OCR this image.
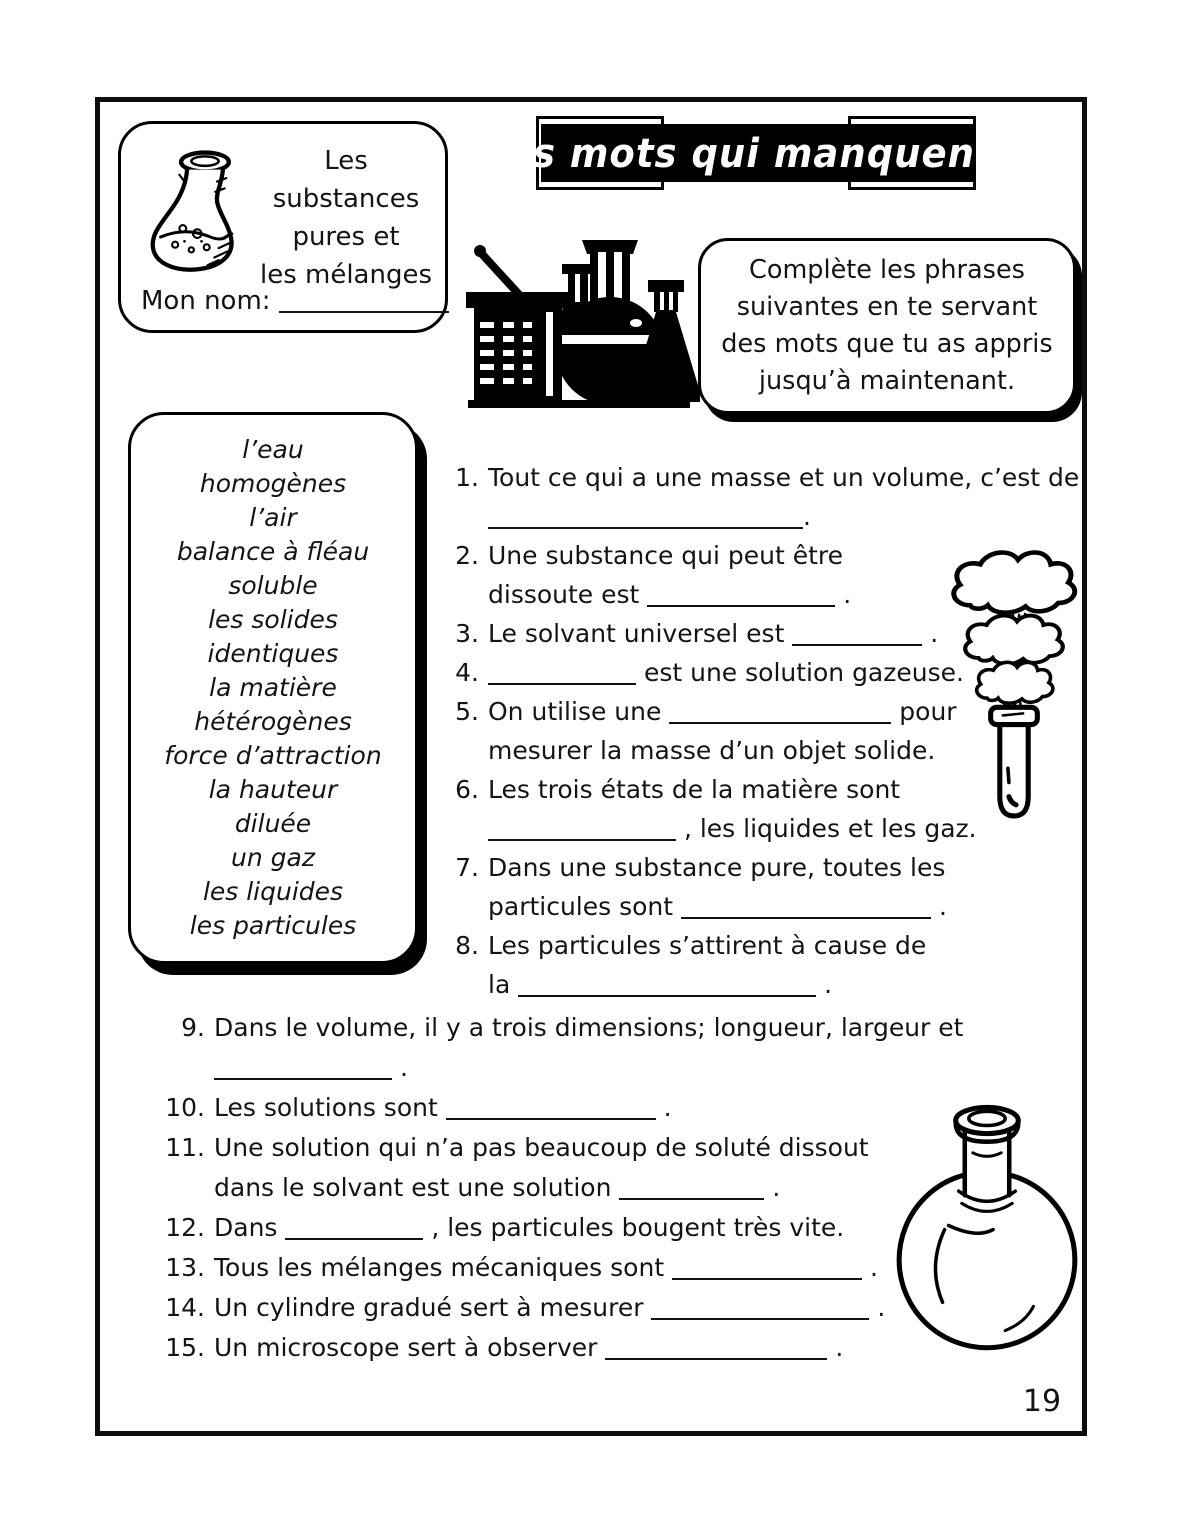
Les
substances
pures et
les mélanges
Mon nom:
Des mots qui manquent...
Complète les phrases suivantes en te servant des mots que tu as appris jusqu’à maintenant.
l’eau
homogènes
l’air
balance à fléau
soluble
les solides
identiques
la matière
hétérogènes
force d’attraction
la hauteur
diluée
un gaz
les liquides
les particules
1. Tout ce qui a une masse et un volume, c’est de
.
2. Une substance qui peut être
dissoute est	.
3. Le solvant universel est	.
4.	est une solution gazeuse.
5. On utilise une	pour
mesurer la masse d’un objet solide.
6. Les trois états de la matière sont
, les liquides et les gaz.
7. Dans une substance pure, toutes les
particules sont	.
8. Les particules s’attirent à cause de
la	.
9. Dans le volume, il y a trois dimensions; longueur, largeur et
.
10. Les solutions sont	.
11. Une solution qui n’a pas beaucoup de soluté dissout
dans le solvant est une solution	.
12. Dans	, les particules bougent très vite.
13. Tous les mélanges mécaniques sont	.
14. Un cylindre gradué sert à mesurer	.
15. Un microscope sert à observer	.
19
